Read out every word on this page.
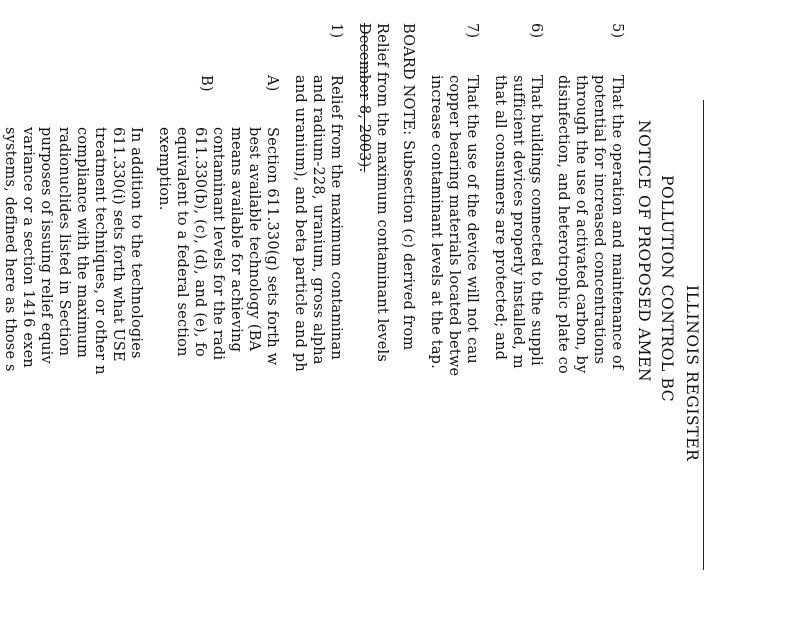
ILLINOIS REGISTER
POLLUTION CONTROL BC
NOTICE OF PROPOSED AMEN
5)
That the operation and maintenance of
potential for increased concentrations
through the use of activated carbon, by
disinfection, and heterotrophic plate co
6)
That buildings connected to the suppli
sufficient devices properly installed, m
that all consumers are protected; and
7)
That the use of the device will not cau
copper bearing materials located betwe
increase contaminant levels at the tap.
BOARD NOTE: Subsection (c) derived from
Relief from the maximum contaminant levels
December 8, 2003).
1)
Relief from the maximum contaminan
and radium-228, uranium, gross alpha
and uranium), and beta particle and ph
A)
Section 611.330(g) sets forth w
best available technology (BA
means available for achieving
contaminant levels for the radi
611.330(b), (c), (d), and (e), fo
equivalent to a federal section
exemption.
B)
In addition to the technologies
611.330(i) sets forth what USE
treatment techniques, or other n
compliance with the maximum
radionuclides listed in Section
purposes of issuing relief equiv
variance or a section 1416 exen
systems, defined here as those s
